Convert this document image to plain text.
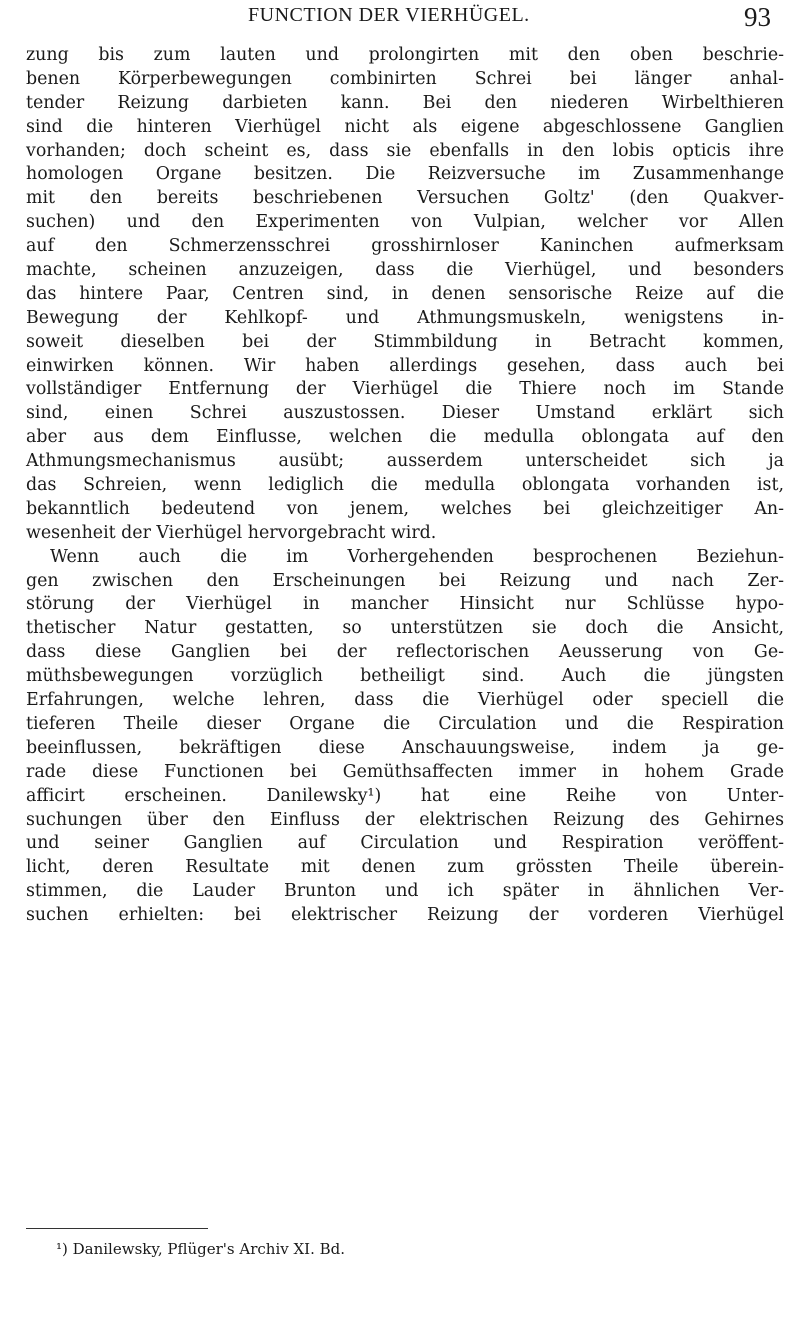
FUNCTION DER VIERHÜGEL.	93
zung bis zum lauten und prolongirten mit den oben beschrie-
benen Körperbewegungen combinirten Schrei bei länger anhal-
tender Reizung darbieten kann. Bei den niederen Wirbelthieren
sind die hinteren Vierhügel nicht als eigene abgeschlossene Ganglien
vorhanden; doch scheint es, dass sie ebenfalls in den lobis opticis ihre
homologen Organe besitzen. Die Reizversuche im Zusammenhange
mit den bereits beschriebenen Versuchen Goltz' (den Quakver-
suchen) und den Experimenten von Vulpian, welcher vor Allen
auf den Schmerzensschrei grosshirnloser Kaninchen aufmerksam
machte, scheinen anzuzeigen, dass die Vierhügel, und besonders
das hintere Paar, Centren sind, in denen sensorische Reize auf die
Bewegung der Kehlkopf- und Athmungsmuskeln, wenigstens in-
soweit dieselben bei der Stimmbildung in Betracht kommen,
einwirken können. Wir haben allerdings gesehen, dass auch bei
vollständiger Entfernung der Vierhügel die Thiere noch im Stande
sind, einen Schrei auszustossen. Dieser Umstand erklärt sich
aber aus dem Einflusse, welchen die medulla oblongata auf den
Athmungsmechanismus ausübt; ausserdem unterscheidet sich ja
das Schreien, wenn lediglich die medulla oblongata vorhanden ist,
bekanntlich bedeutend von jenem, welches bei gleichzeitiger An-
wesenheit der Vierhügel hervorgebracht wird.
Wenn auch die im Vorhergehenden besprochenen Beziehun-
gen zwischen den Erscheinungen bei Reizung und nach Zer-
störung der Vierhügel in mancher Hinsicht nur Schlüsse hypo-
thetischer Natur gestatten, so unterstützen sie doch die Ansicht,
dass diese Ganglien bei der reflectorischen Aeusserung von Ge-
müthsbewegungen vorzüglich betheiligt sind. Auch die jüngsten
Erfahrungen, welche lehren, dass die Vierhügel oder speciell die
tieferen Theile dieser Organe die Circulation und die Respiration
beeinflussen, bekräftigen diese Anschauungsweise, indem ja ge-
rade diese Functionen bei Gemüthsaffecten immer in hohem Grade
afficirt erscheinen. Danilewsky¹) hat eine Reihe von Unter-
suchungen über den Einfluss der elektrischen Reizung des Gehirnes
und seiner Ganglien auf Circulation und Respiration veröffent-
licht, deren Resultate mit denen zum grössten Theile überein-
stimmen, die Lauder Brunton und ich später in ähnlichen Ver-
suchen erhielten: bei elektrischer Reizung der vorderen Vierhügel
¹) Danilewsky, Pflüger's Archiv XI. Bd.
